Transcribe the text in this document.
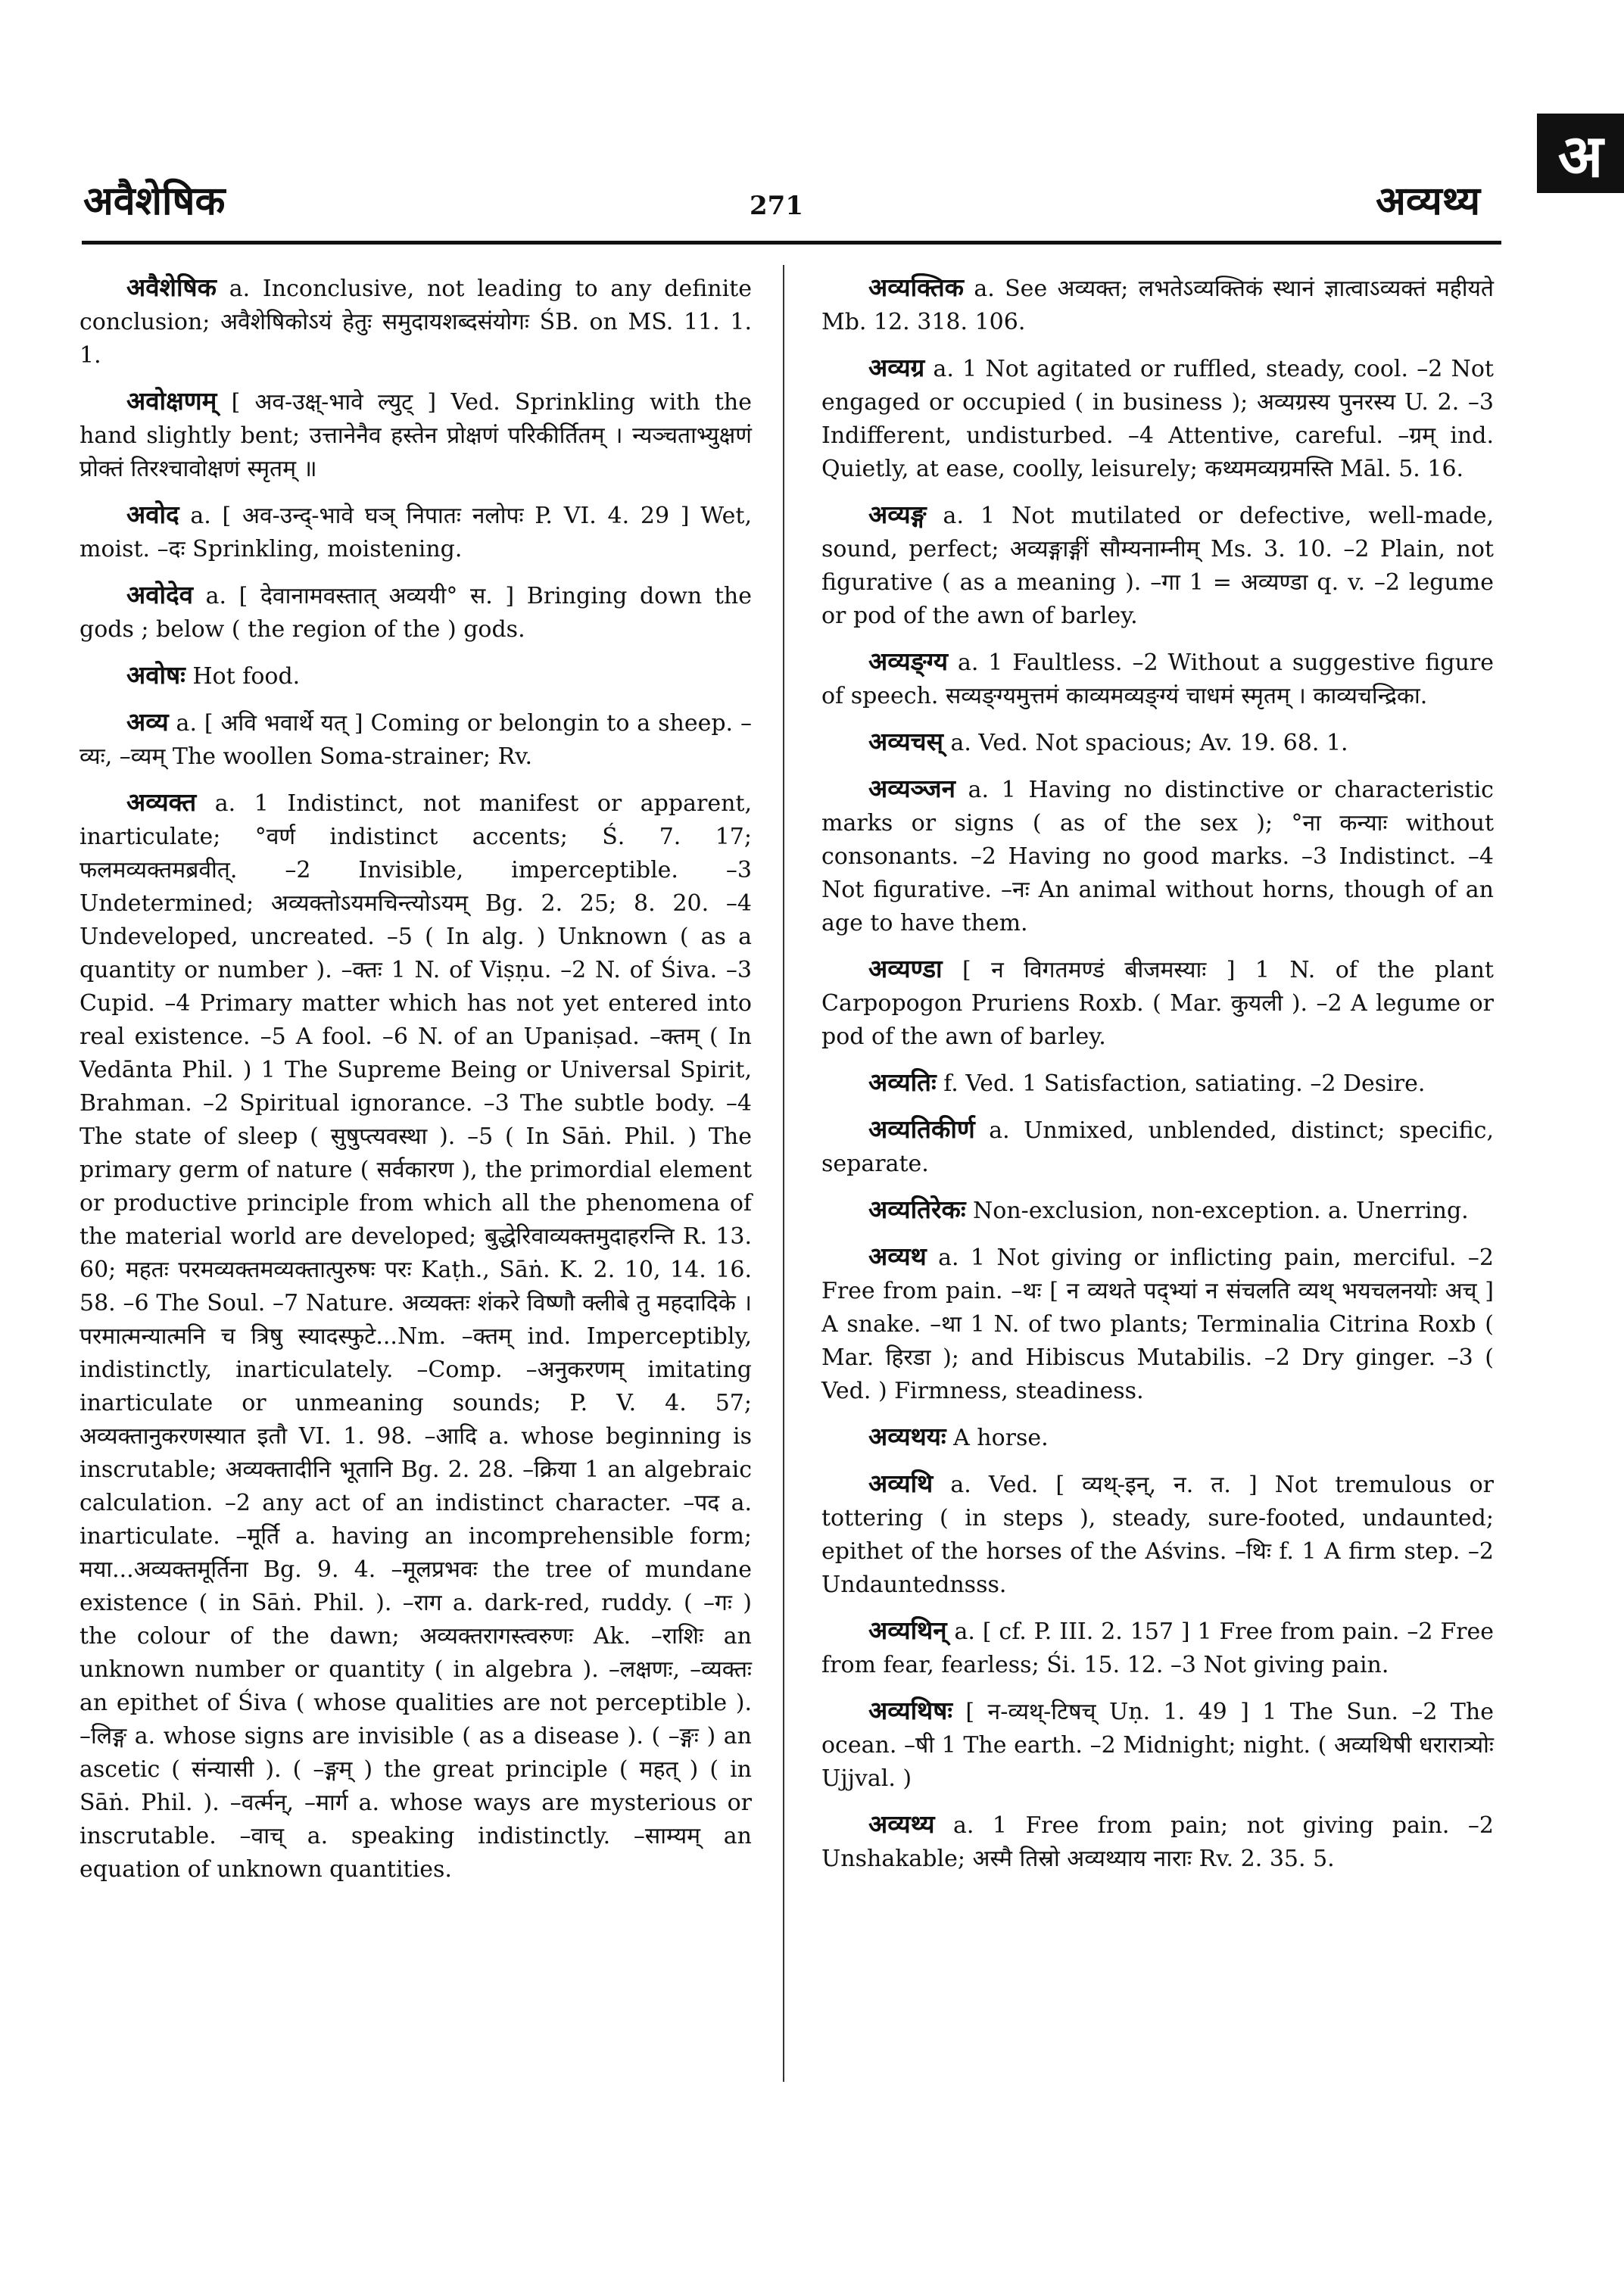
अवैशेषिक	271	अव्यथ्य
अ

अवैशेषिक a. Inconclusive, not leading to any definite conclusion; अवैशेषिकोऽयं हेतुः समुदायशब्दसंयोगः ŚB. on MS. 11. 1. 1.

अवोक्षणम् [ अव-उक्ष्-भावे ल्युट् ] Ved. Sprinkling with the hand slightly bent; उत्तानेनैव हस्तेन प्रोक्षणं परिकीर्तितम् । न्यञ्चताभ्युक्षणं प्रोक्तं तिरश्चावोक्षणं स्मृतम् ॥

अवोद a. [ अव-उन्द्-भावे घञ् निपातः नलोपः P. VI. 4. 29 ] Wet, moist. –दः Sprinkling, moistening.

अवोदेव a. [ देवानामवस्तात् अव्ययी° स. ] Bringing down the gods ; below ( the region of the ) gods.

अवोषः Hot food.

अव्य a. [ अवि भवार्थे यत् ] Coming or belongin to a sheep. –व्यः, –व्यम् The woollen Soma-strainer; Rv.

अव्यक्त a. 1 Indistinct, not manifest or apparent, inarticulate; °वर्ण indistinct accents; Ś. 7. 17; फलमव्यक्तमब्रवीत्. –2 Invisible, imperceptible. –3 Undetermined; अव्यक्तोऽयमचिन्त्योऽयम् Bg. 2. 25; 8. 20. –4 Undeveloped, uncreated. –5 ( In alg. ) Unknown ( as a quantity or number ). –क्तः 1 N. of Viṣṇu. –2 N. of Śiva. –3 Cupid. –4 Primary matter which has not yet entered into real existence. –5 A fool. –6 N. of an Upaniṣad. –क्तम् ( In Vedānta Phil. ) 1 The Supreme Being or Universal Spirit, Brahman. –2 Spiritual ignorance. –3 The subtle body. –4 The state of sleep ( सुषुप्त्यवस्था ). –5 ( In Sāṅ. Phil. ) The primary germ of nature ( सर्वकारण ), the primordial element or productive principle from which all the phenomena of the material world are developed; बुद्धेरिवाव्यक्तमुदाहरन्ति R. 13. 60; महतः परमव्यक्तमव्यक्तात्पुरुषः परः Kaṭh., Sāṅ. K. 2. 10, 14. 16. 58. –6 The Soul. –7 Nature. अव्यक्तः शंकरे विष्णौ क्लीबे तु महदादिके । परमात्मन्यात्मनि च त्रिषु स्यादस्फुटे...Nm. –क्तम् ind. Imperceptibly, indistinctly, inarticulately. –Comp. –अनुकरणम् imitating inarticulate or unmeaning sounds; P. V. 4. 57; अव्यक्तानुकरणस्यात इतौ VI. 1. 98. –आदि a. whose beginning is inscrutable; अव्यक्तादीनि भूतानि Bg. 2. 28. –क्रिया 1 an algebraic calculation. –2 any act of an indistinct character. –पद a. inarticulate. –मूर्ति a. having an incomprehensible form; मया...अव्यक्तमूर्तिना Bg. 9. 4. –मूलप्रभवः the tree of mundane existence ( in Sāṅ. Phil. ). –राग a. dark-red, ruddy. ( –गः ) the colour of the dawn; अव्यक्तरागस्त्वरुणः Ak. –राशिः an unknown number or quantity ( in algebra ). –लक्षणः, –व्यक्तः an epithet of Śiva ( whose qualities are not perceptible ). –लिङ्ग a. whose signs are invisible ( as a disease ). ( –ङ्गः ) an ascetic ( संन्यासी ). ( –ङ्गम् ) the great principle ( महत् ) ( in Sāṅ. Phil. ). –वर्त्मन्, –मार्ग a. whose ways are mysterious or inscrutable. –वाच् a. speaking indistinctly. –साम्यम् an equation of unknown quantities.

अव्यक्तिक a. See अव्यक्त; लभतेऽव्यक्तिकं स्थानं ज्ञात्वाऽव्यक्तं महीयते Mb. 12. 318. 106.

अव्यग्र a. 1 Not agitated or ruffled, steady, cool. –2 Not engaged or occupied ( in business ); अव्यग्रस्य पुनरस्य U. 2. –3 Indifferent, undisturbed. –4 Attentive, careful. –ग्रम् ind. Quietly, at ease, coolly, leisurely; कथ्यमव्यग्रमस्ति Māl. 5. 16.

अव्यङ्ग a. 1 Not mutilated or defective, well-made, sound, perfect; अव्यङ्गाङ्गीं सौम्यनाम्नीम् Ms. 3. 10. –2 Plain, not figurative ( as a meaning ). –गा 1 = अव्यण्डा q. v. –2 legume or pod of the awn of barley.

अव्यङ्ग्य a. 1 Faultless. –2 Without a suggestive figure of speech. सव्यङ्ग्यमुत्तमं काव्यमव्यङ्ग्यं चाधमं स्मृतम् । काव्यचन्द्रिका.

अव्यचस् a. Ved. Not spacious; Av. 19. 68. 1.

अव्यञ्जन a. 1 Having no distinctive or characteristic marks or signs ( as of the sex ); °ना कन्याः without consonants. –2 Having no good marks. –3 Indistinct. –4 Not figurative. –नः An animal without horns, though of an age to have them.

अव्यण्डा [ न विगतमण्डं बीजमस्याः ] 1 N. of the plant Carpopogon Pruriens Roxb. ( Mar. कुयली ). –2 A legume or pod of the awn of barley.

अव्यतिः f. Ved. 1 Satisfaction, satiating. –2 Desire.

अव्यतिकीर्ण a. Unmixed, unblended, distinct; specific, separate.

अव्यतिरेकः Non-exclusion, non-exception. a. Unerring.

अव्यथ a. 1 Not giving or inflicting pain, merciful. –2 Free from pain. –थः [ न व्यथते पद्भ्यां न संचलति व्यथ् भयचलनयोः अच् ] A snake. –था 1 N. of two plants; Terminalia Citrina Roxb ( Mar. हिरडा ); and Hibiscus Mutabilis. –2 Dry ginger. –3 ( Ved. ) Firmness, steadiness.

अव्यथयः A horse.

अव्यथि a. Ved. [ व्यथ्-इन्, न. त. ] Not tremulous or tottering ( in steps ), steady, sure-footed, undaunted; epithet of the horses of the Aśvins. –थिः f. 1 A firm step. –2 Undauntednsss.

अव्यथिन् a. [ cf. P. III. 2. 157 ] 1 Free from pain. –2 Free from fear, fearless; Śi. 15. 12. –3 Not giving pain.

अव्यथिषः [ न-व्यथ्-टिषच् Uṇ. 1. 49 ] 1 The Sun. –2 The ocean. –षी 1 The earth. –2 Midnight; night. ( अव्यथिषी धरारात्र्योः Ujjval. )

अव्यथ्य a. 1 Free from pain; not giving pain. –2 Unshakable; अस्मै तिस्रो अव्यथ्याय नाराः Rv. 2. 35. 5.
